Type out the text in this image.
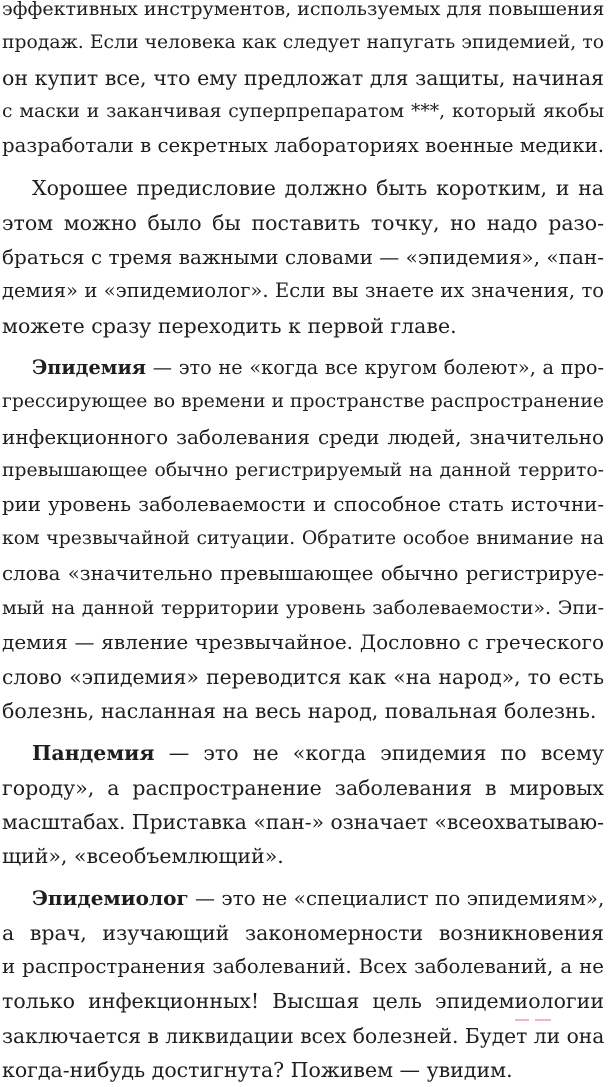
эффективных инструментов, используемых для повышения
продаж. Если человека как следует напугать эпидемией, то
он купит все, что ему предложат для защиты, начиная
с маски и заканчивая суперпрепаратом ***, который якобы
разработали в секретных лабораториях военные медики.

Хорошее предисловие должно быть коротким, и на
этом можно было бы поставить точку, но надо разо-
браться с тремя важными словами — «эпидемия», «пан-
демия» и «эпидемиолог». Если вы знаете их значения, то
можете сразу переходить к первой главе.

Эпидемия — это не «когда все кругом болеют», а про-
грессирующее во времени и пространстве распространение
инфекционного заболевания среди людей, значительно
превышающее обычно регистрируемый на данной террито-
рии уровень заболеваемости и способное стать источни-
ком чрезвычайной ситуации. Обратите особое внимание на
слова «значительно превышающее обычно регистрируе-
мый на данной территории уровень заболеваемости». Эпи-
демия — явление чрезвычайное. Дословно с греческого
слово «эпидемия» переводится как «на народ», то есть
болезнь, насланная на весь народ, повальная болезнь.

Пандемия — это не «когда эпидемия по всему
городу», а распространение заболевания в мировых
масштабах. Приставка «пан-» означает «всеохватываю-
щий», «всеобъемлющий».

Эпидемиолог — это не «специалист по эпидемиям»,
а врач, изучающий закономерности возникновения
и распространения заболеваний. Всех заболеваний, а не
только инфекционных! Высшая цель эпидемиологии
заключается в ликвидации всех болезней. Будет ли она
когда-нибудь достигнута? Поживем — увидим.
